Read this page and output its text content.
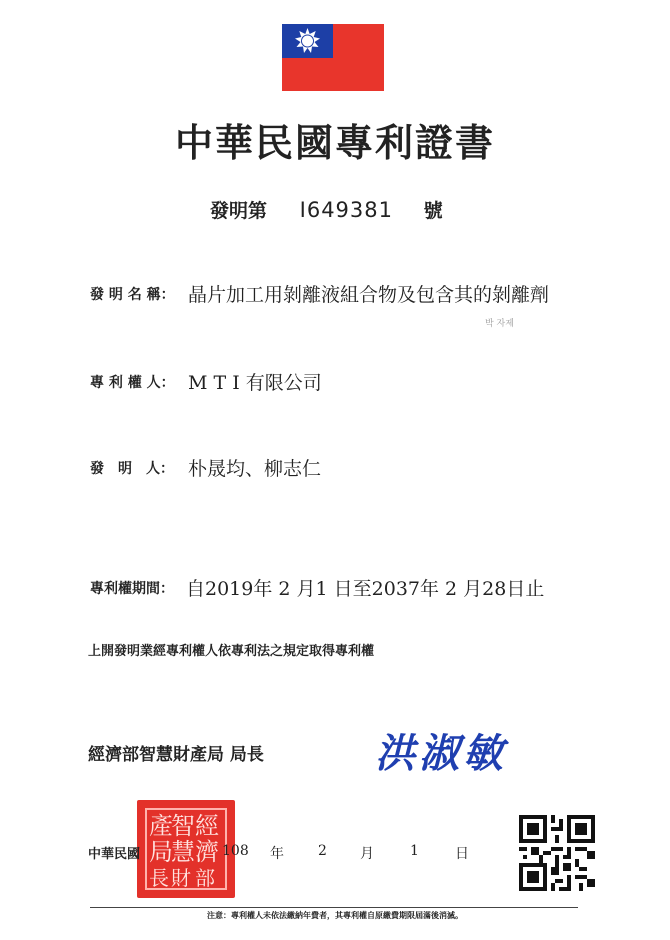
中華民國專利證書
發明第 I649381 號
發 明 名 稱： 晶片加工用剝離液組合物及包含其的剝離劑
박 자제
專 利 權 人： M T I 有限公司
發　明　人： 朴晟均、柳志仁
專利權期間： 自2019年 2 月1 日至2037年 2 月28日止
上開發明業經專利權人依專利法之規定取得專利權
經濟部智慧財產局 局長	洪淑敏
經
濟
部
智
慧
財
產
局
長
中華民國	108 年 2 月	1	日
注意：專利權人未依法繳納年費者，其專利權自原繳費期限屆滿後消滅。
